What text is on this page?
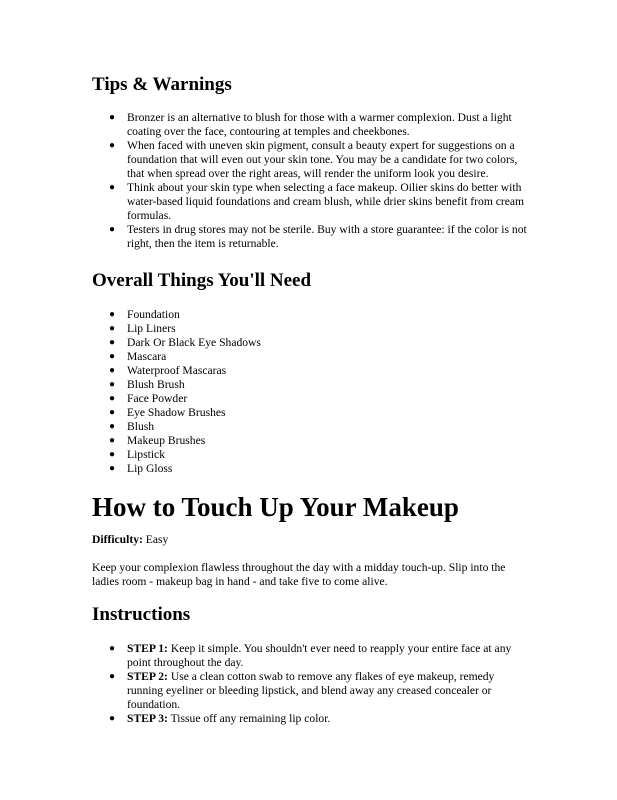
Tips & Warnings
● Bronzer is an alternative to blush for those with a warmer complexion. Dust a light coating over the face, contouring at temples and cheekbones.
● When faced with uneven skin pigment, consult a beauty expert for suggestions on a foundation that will even out your skin tone. You may be a candidate for two colors, that when spread over the right areas, will render the uniform look you desire.
● Think about your skin type when selecting a face makeup. Oilier skins do better with water-based liquid foundations and cream blush, while drier skins benefit from cream formulas.
● Testers in drug stores may not be sterile. Buy with a store guarantee: if the color is not right, then the item is returnable.
Overall Things You'll Need
● Foundation
● Lip Liners
● Dark Or Black Eye Shadows
● Mascara
● Waterproof Mascaras
● Blush Brush
● Face Powder
● Eye Shadow Brushes
● Blush
● Makeup Brushes
● Lipstick
● Lip Gloss
How to Touch Up Your Makeup

Difficulty: Easy

Keep your complexion flawless throughout the day with a midday touch-up. Slip into the ladies room - makeup bag in hand - and take five to come alive.

Instructions
● STEP 1: Keep it simple. You shouldn't ever need to reapply your entire face at any point throughout the day.
● STEP 2: Use a clean cotton swab to remove any flakes of eye makeup, remedy running eyeliner or bleeding lipstick, and blend away any creased concealer or foundation.
● STEP 3: Tissue off any remaining lip color.
